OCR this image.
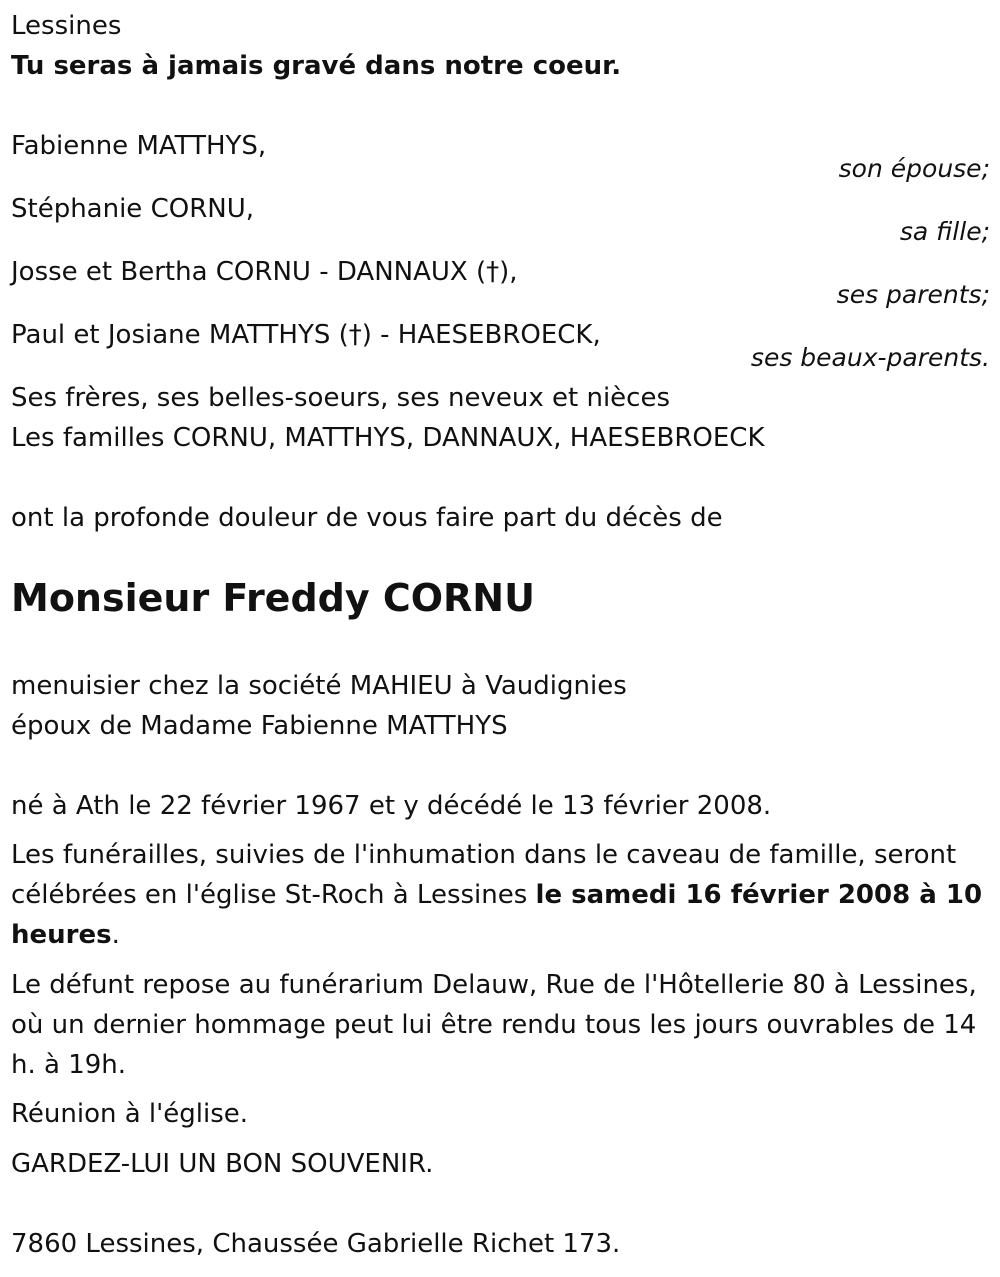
Lessines
Tu seras à jamais gravé dans notre coeur.
Fabienne MATTHYS,
son épouse;
Stéphanie CORNU,
sa fille;
Josse et Bertha CORNU - DANNAUX (†),
ses parents;
Paul et Josiane MATTHYS (†) - HAESEBROECK,
ses beaux-parents.
Ses frères, ses belles-soeurs, ses neveux et nièces
Les familles CORNU, MATTHYS, DANNAUX, HAESEBROECK
ont la profonde douleur de vous faire part du décès de
Monsieur Freddy CORNU
menuisier chez la société MAHIEU à Vaudignies
époux de Madame Fabienne MATTHYS
né à Ath le 22 février 1967 et y décédé le 13 février 2008.
Les funérailles, suivies de l'inhumation dans le caveau de famille, seront célébrées en l'église St-Roch à Lessines le samedi 16 février 2008 à 10 heures.
Le défunt repose au funérarium Delauw, Rue de l'Hôtellerie 80 à Lessines, où un dernier hommage peut lui être rendu tous les jours ouvrables de 14 h. à 19h.
Réunion à l'église.
GARDEZ-LUI UN BON SOUVENIR.
7860 Lessines, Chaussée Gabrielle Richet 173.
